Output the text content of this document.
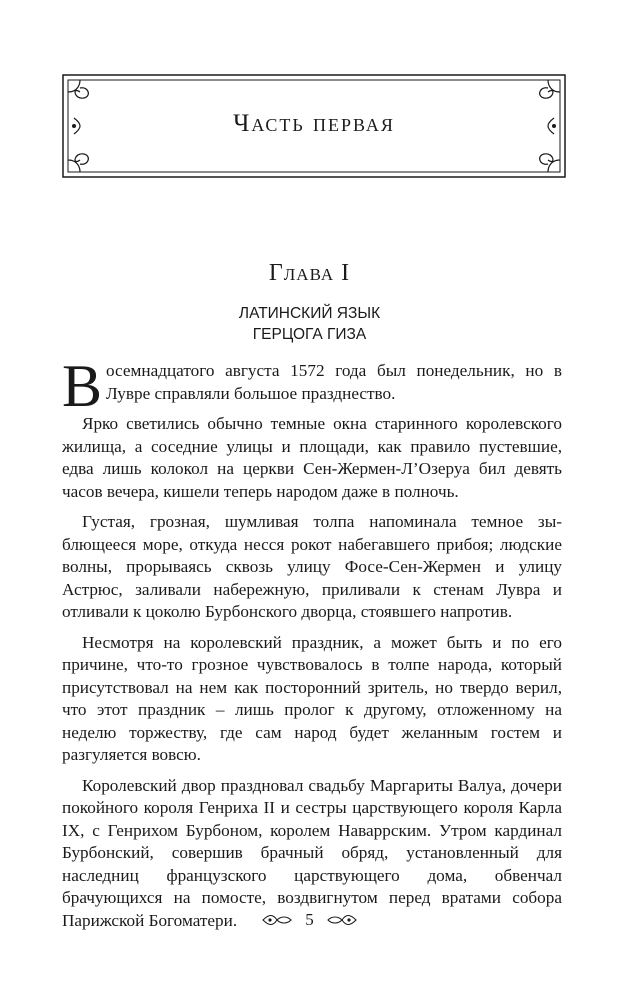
Часть первая
Глава I
ЛАТИНСКИЙ ЯЗЫК
ГЕРЦОГА ГИЗА

Восемнадцатого августа 1572 года был понедельник, но в Лувре справляли большое празднество.

Ярко светились обычно темные окна старинного королевского жилища, а соседние улицы и площади, как правило пустевшие, едва лишь колокол на церкви Сен-Жермен-Л’Озеруа бил девять часов вечера, кишели теперь народом даже в полночь.

Густая, грозная, шумливая толпа напоминала темное зыблющееся море, откуда несся рокот набегавшего прибоя; людские волны, прорываясь сквозь улицу Фосе-Сен-Жермен и улицу Астрюс, заливали набережную, приливали к стенам Лувра и отливали к цоколю Бурбонского дворца, стоявшего напротив.

Несмотря на королевский праздник, а может быть и по его причине, что-то грозное чувствовалось в толпе народа, который присутствовал на нем как посторонний зритель, но твердо верил, что этот праздник – лишь пролог к другому, отложенному на неделю торжеству, где сам народ будет желанным гостем и разгуляется вовсю.

Королевский двор праздновал свадьбу Маргариты Валуа, дочери покойного короля Генриха II и сестры царствующего короля Карла IX, с Генрихом Бурбоном, королем Наваррским. Утром кардинал Бурбонский, совершив брачный обряд, установленный для наследниц французского царствующего дома, обвенчал брачующихся на помосте, воздвигнутом перед вратами собора Парижской Богоматери.	5
